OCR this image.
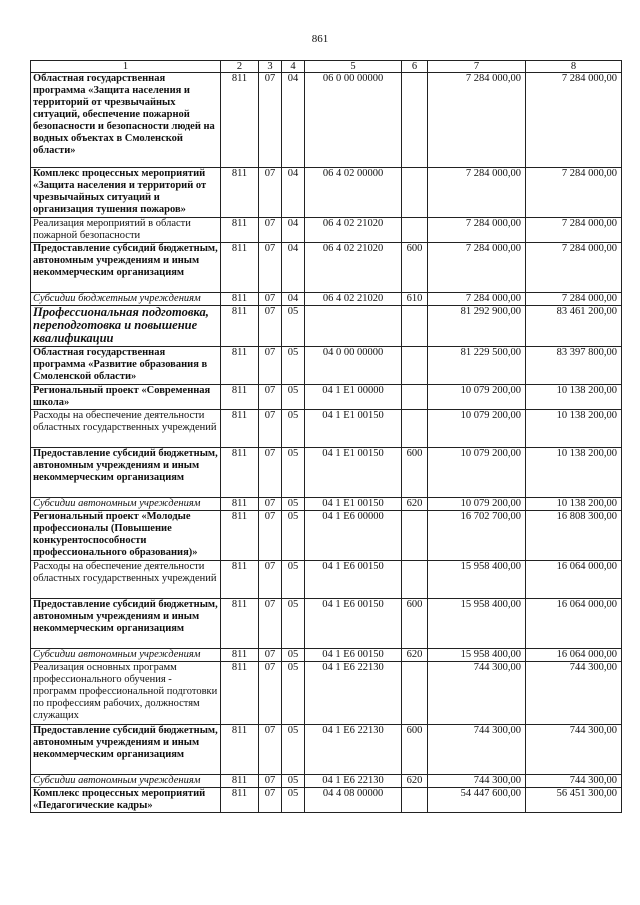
861
1	2	3	4	5	6	7	8
Областная государственная программа «Защита населения и территорий от чрезвычайных ситуаций, обеспечение пожарной безопасности и безопасности людей на водных объектах в Смоленской области»	811	07	04	06 0 00 00000		7 284 000,00	7 284 000,00
Комплекс процессных мероприятий «Защита населения и территорий от чрезвычайных ситуаций и организация тушения пожаров»	811	07	04	06 4 02 00000		7 284 000,00	7 284 000,00
Реализация мероприятий в области пожарной безопасности	811	07	04	06 4 02 21020		7 284 000,00	7 284 000,00
Предоставление субсидий бюджетным, автономным учреждениям и иным некоммерческим организациям	811	07	04	06 4 02 21020	600	7 284 000,00	7 284 000,00
Субсидии бюджетным учреждениям	811	07	04	06 4 02 21020	610	7 284 000,00	7 284 000,00
Профессиональная подготовка, переподготовка и повышение квалификации	811	07	05			81 292 900,00	83 461 200,00
Областная государственная программа «Развитие образования в Смоленской области»	811	07	05	04 0 00 00000		81 229 500,00	83 397 800,00
Региональный проект «Современная школа»	811	07	05	04 1 E1 00000		10 079 200,00	10 138 200,00
Расходы на обеспечение деятельности областных государственных учреждений	811	07	05	04 1 E1 00150		10 079 200,00	10 138 200,00
Предоставление субсидий бюджетным, автономным учреждениям и иным некоммерческим организациям	811	07	05	04 1 E1 00150	600	10 079 200,00	10 138 200,00
Субсидии автономным учреждениям	811	07	05	04 1 E1 00150	620	10 079 200,00	10 138 200,00
Региональный проект «Молодые профессионалы (Повышение конкурентоспособности профессионального образования)»	811	07	05	04 1 E6 00000		16 702 700,00	16 808 300,00
Расходы на обеспечение деятельности областных государственных учреждений	811	07	05	04 1 E6 00150		15 958 400,00	16 064 000,00
Предоставление субсидий бюджетным, автономным учреждениям и иным некоммерческим организациям	811	07	05	04 1 E6 00150	600	15 958 400,00	16 064 000,00
Субсидии автономным учреждениям	811	07	05	04 1 E6 00150	620	15 958 400,00	16 064 000,00
Реализация основных программ профессионального обучения - программ профессиональной подготовки по профессиям рабочих, должностям служащих	811	07	05	04 1 E6 22130		744 300,00	744 300,00
Предоставление субсидий бюджетным, автономным учреждениям и иным некоммерческим организациям	811	07	05	04 1 E6 22130	600	744 300,00	744 300,00
Субсидии автономным учреждениям	811	07	05	04 1 E6 22130	620	744 300,00	744 300,00
Комплекс процессных мероприятий «Педагогические кадры»	811	07	05	04 4 08 00000		54 447 600,00	56 451 300,00
